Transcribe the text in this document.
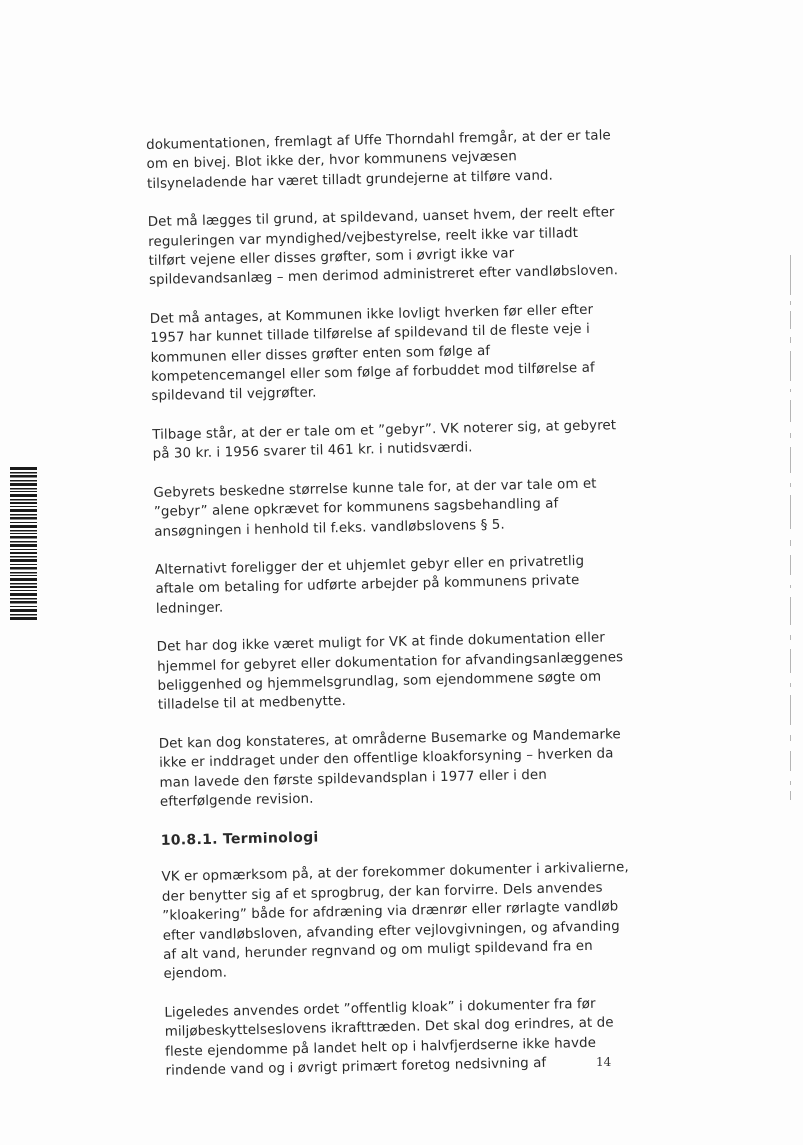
dokumentationen, fremlagt af Uffe Thorndahl fremgår, at der er tale om en bivej. Blot ikke der, hvor kommunens vejvæsen tilsyneladende har været tilladt grundejerne at tilføre vand.

Det må lægges til grund, at spildevand, uanset hvem, der reelt efter reguleringen var myndighed/vejbestyrelse, reelt ikke var tilladt tilført vejene eller disses grøfter, som i øvrigt ikke var spildevandsanlæg – men derimod administreret efter vandløbsloven.

Det må antages, at Kommunen ikke lovligt hverken før eller efter 1957 har kunnet tillade tilførelse af spildevand til de fleste veje i kommunen eller disses grøfter enten som følge af kompetencemangel eller som følge af forbuddet mod tilførelse af spildevand til vejgrøfter.

Tilbage står, at der er tale om et ”gebyr”. VK noterer sig, at gebyret på 30 kr. i 1956 svarer til 461 kr. i nutidsværdi.

Gebyrets beskedne størrelse kunne tale for, at der var tale om et ”gebyr” alene opkrævet for kommunens sagsbehandling af ansøgningen i henhold til f.eks. vandløbslovens § 5.

Alternativt foreligger der et uhjemlet gebyr eller en privatretlig aftale om betaling for udførte arbejder på kommunens private ledninger.

Det har dog ikke været muligt for VK at finde dokumentation eller hjemmel for gebyret eller dokumentation for afvandingsanlæggenes beliggenhed og hjemmelsgrundlag, som ejendommene søgte om tilladelse til at medbenytte.

Det kan dog konstateres, at områderne Busemarke og Mandemarke ikke er inddraget under den offentlige kloakforsyning – hverken da man lavede den første spildevandsplan i 1977 eller i den efterfølgende revision.

10.8.1. Terminologi

VK er opmærksom på, at der forekommer dokumenter i arkivalierne, der benytter sig af et sprogbrug, der kan forvirre. Dels anvendes ”kloakering” både for afdræning via drænrør eller rørlagte vandløb efter vandløbsloven, afvanding efter vejlovgivningen, og afvanding af alt vand, herunder regnvand og om muligt spildevand fra en ejendom.

Ligeledes anvendes ordet ”offentlig kloak” i dokumenter fra før miljøbeskyttelseslovens ikrafttræden. Det skal dog erindres, at de fleste ejendomme på landet helt op i halvfjerdserne ikke havde rindende vand og i øvrigt primært foretog nedsivning af	14
